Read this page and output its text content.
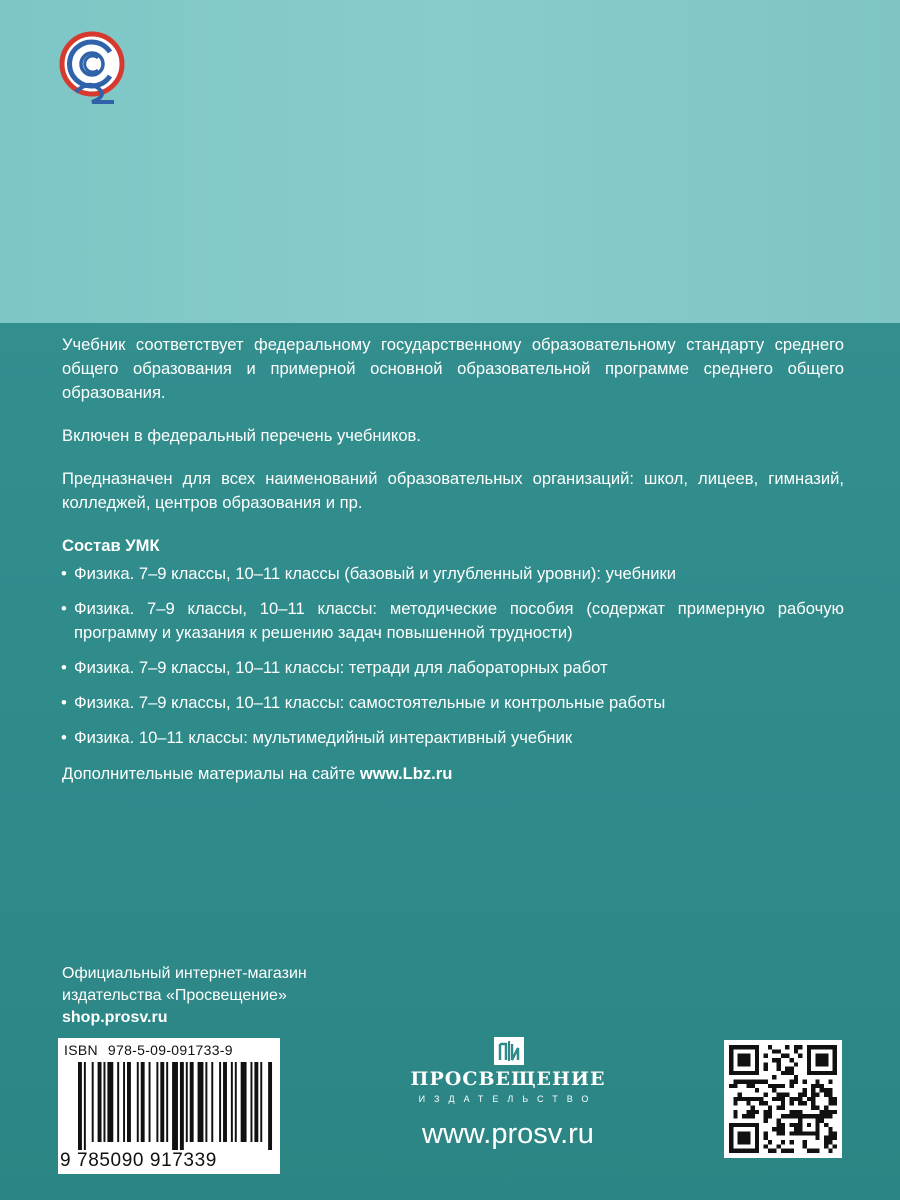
Учебник соответствует федеральному государственному образовательному стандарту среднего общего образования и примерной основной образовательной программе среднего общего образования.

Включен в федеральный перечень учебников.

Предназначен для всех наименований образовательных организаций: школ, лицеев, гимназий, колледжей, центров образования и пр.

Состав УМК
• Физика. 7–9 классы, 10–11 классы (базовый и углубленный уровни): учебники
• Физика. 7–9 классы, 10–11 классы: методические пособия (содержат примерную рабочую программу и указания к решению задач повышенной трудности)
• Физика. 7–9 классы, 10–11 классы: тетради для лабораторных работ
• Физика. 7–9 классы, 10–11 классы: самостоятельные и контрольные работы
• Физика. 10–11 классы: мультимедийный интерактивный учебник
Дополнительные материалы на сайте www.Lbz.ru
Официальный интернет-магазин
издательства «Просвещение»
shop.prosv.ru
ISBN 978-5-09-091733-9
9 785090 917339
ПРОСВЕЩЕНИЕ
ИЗДАТЕЛЬСТВО
www.prosv.ru
